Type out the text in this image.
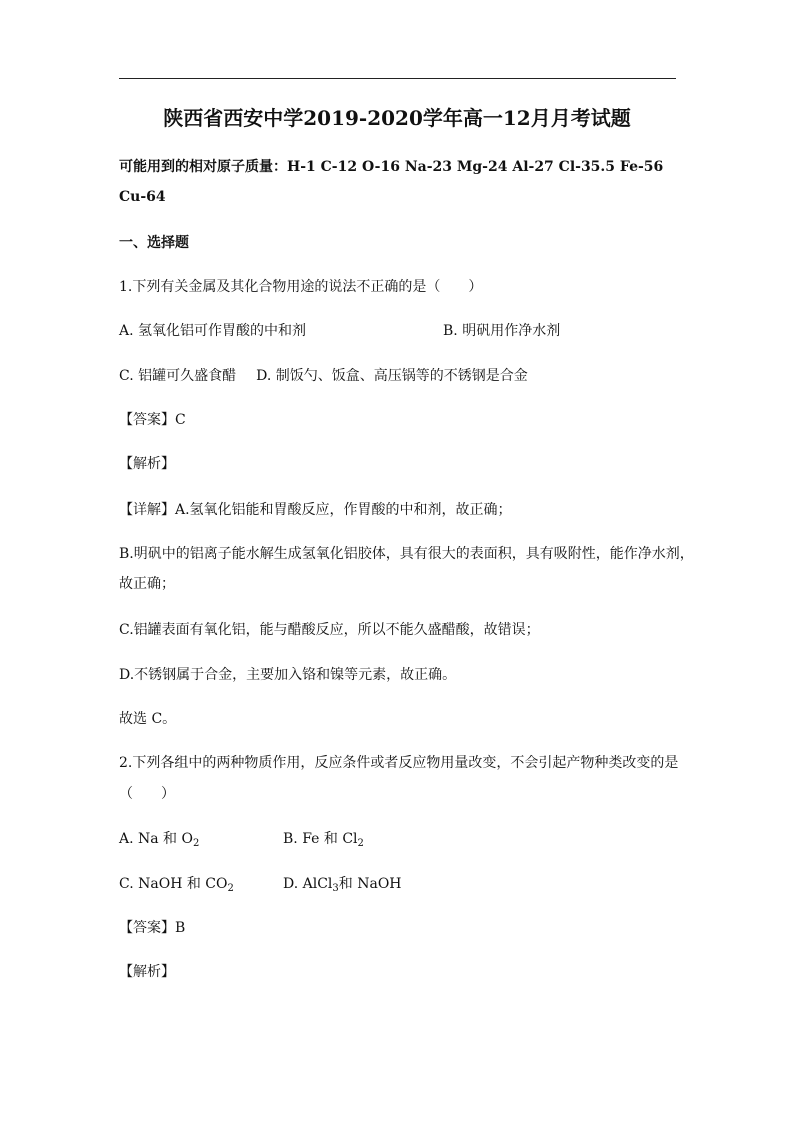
陕西省西安中学2019-2020学年高一12月月考试题
可能用到的相对原子质量：H-1 C-12 O-16 Na-23 Mg-24 Al-27 Cl-35.5 Fe-56
Cu-64
一、选择题
1.下列有关金属及其化合物用途的说法不正确的是（　　）
A. 氢氧化铝可作胃酸的中和剂	B. 明矾用作净水剂
C. 铝罐可久盛食醋 D. 制饭勺、饭盒、高压锅等的不锈钢是合金
【答案】C
【解析】
【详解】A.氢氧化铝能和胃酸反应，作胃酸的中和剂，故正确；
B.明矾中的铝离子能水解生成氢氧化铝胶体，具有很大的表面积，具有吸附性，能作净水剂，
故正确；
C.铝罐表面有氧化铝，能与醋酸反应，所以不能久盛醋酸，故错误；
D.不锈钢属于合金，主要加入铬和镍等元素，故正确。
故选 C。
2.下列各组中的两种物质作用，反应条件或者反应物用量改变，不会引起产物种类改变的是
（　　）
A. Na 和 $O_2$	B. Fe 和 $Cl_2$
C. NaOH 和 $CO_2$	D. AlCl$_3$和 NaOH
【答案】B
【解析】
